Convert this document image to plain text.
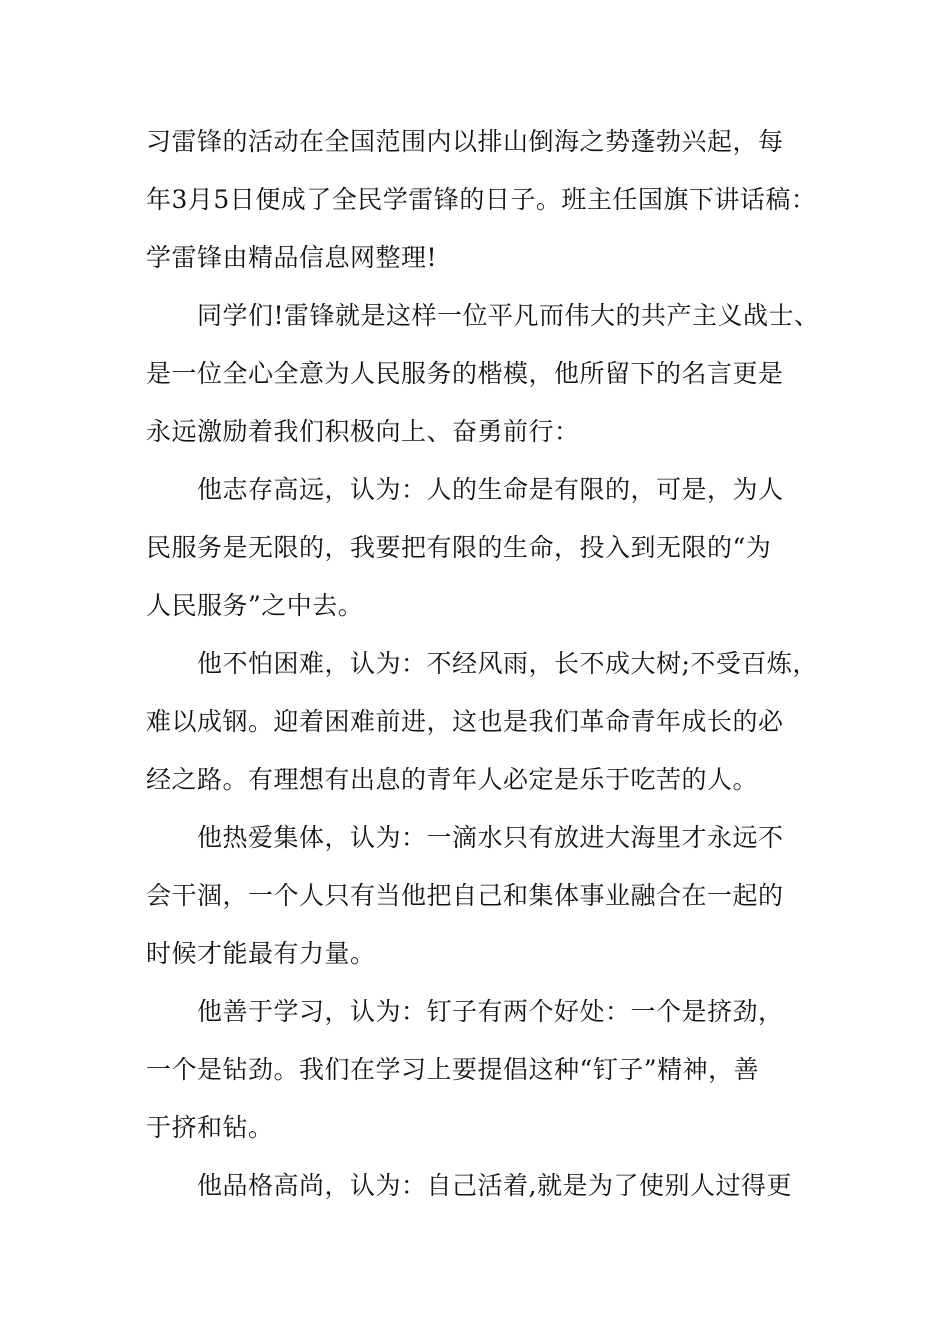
习雷锋的活动在全国范围内以排山倒海之势蓬勃兴起，每
年3月5日便成了全民学雷锋的日子。班主任国旗下讲话稿：
学雷锋由精品信息网整理!
同学们!雷锋就是这样一位平凡而伟大的共产主义战士、
是一位全心全意为人民服务的楷模，他所留下的名言更是
永远激励着我们积极向上、奋勇前行：
他志存高远，认为：人的生命是有限的，可是，为人
民服务是无限的，我要把有限的生命，投入到无限的“为
人民服务”之中去。
他不怕困难，认为：不经风雨，长不成大树;不受百炼，
难以成钢。迎着困难前进，这也是我们革命青年成长的必
经之路。有理想有出息的青年人必定是乐于吃苦的人。
他热爱集体，认为：一滴水只有放进大海里才永远不
会干涸，一个人只有当他把自己和集体事业融合在一起的
时候才能最有力量。
他善于学习，认为：钉子有两个好处：一个是挤劲，
一个是钻劲。我们在学习上要提倡这种“钉子”精神，善
于挤和钻。
他品格高尚，认为：自己活着,就是为了使别人过得更
